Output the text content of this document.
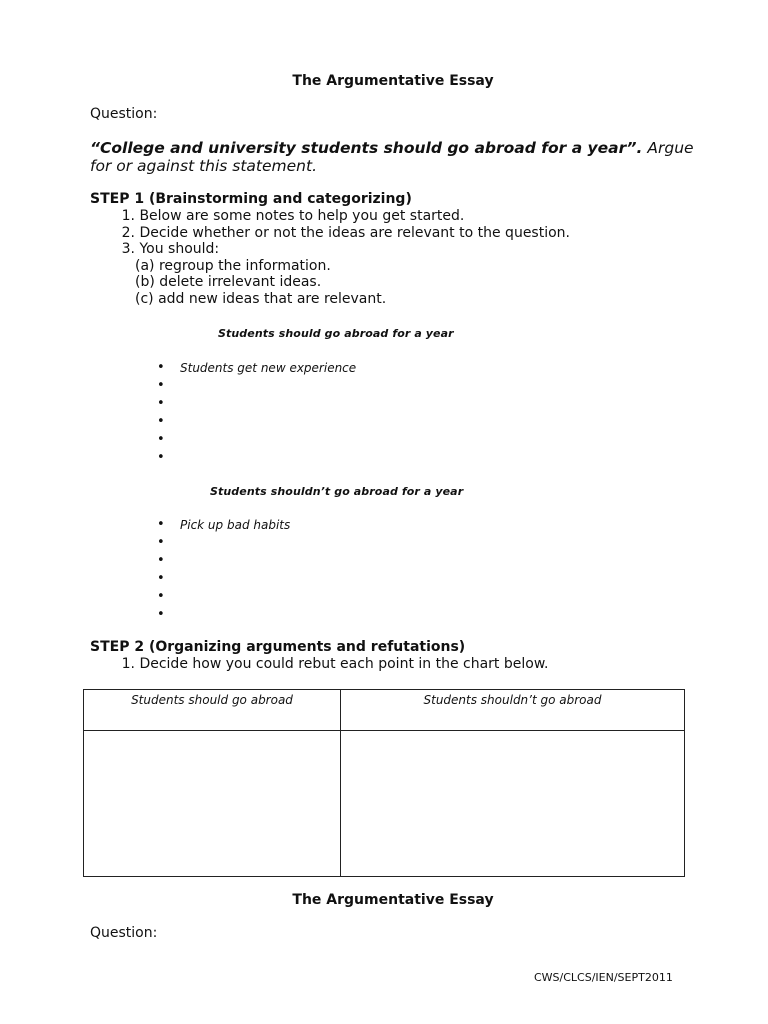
The Argumentative Essay
Question:
“College and university students should go abroad for a year”. Argue for or against this statement.
STEP 1 (Brainstorming and categorizing)
1. Below are some notes to help you get started.
2. Decide whether or not the ideas are relevant to the question.
3. You should:
(a) regroup the information.
(b) delete irrelevant ideas.
(c) add new ideas that are relevant.
Students should go abroad for a year
• Students get new experience
•
•
•
•
•
Students shouldn’t go abroad for a year
• Pick up bad habits
•
•
•
•
•
STEP 2 (Organizing arguments and refutations)
1. Decide how you could rebut each point in the chart below.
Students should go abroad	Students shouldn’t go abroad

The Argumentative Essay
Question:
CWS/CLCS/IEN/SEPT2011
